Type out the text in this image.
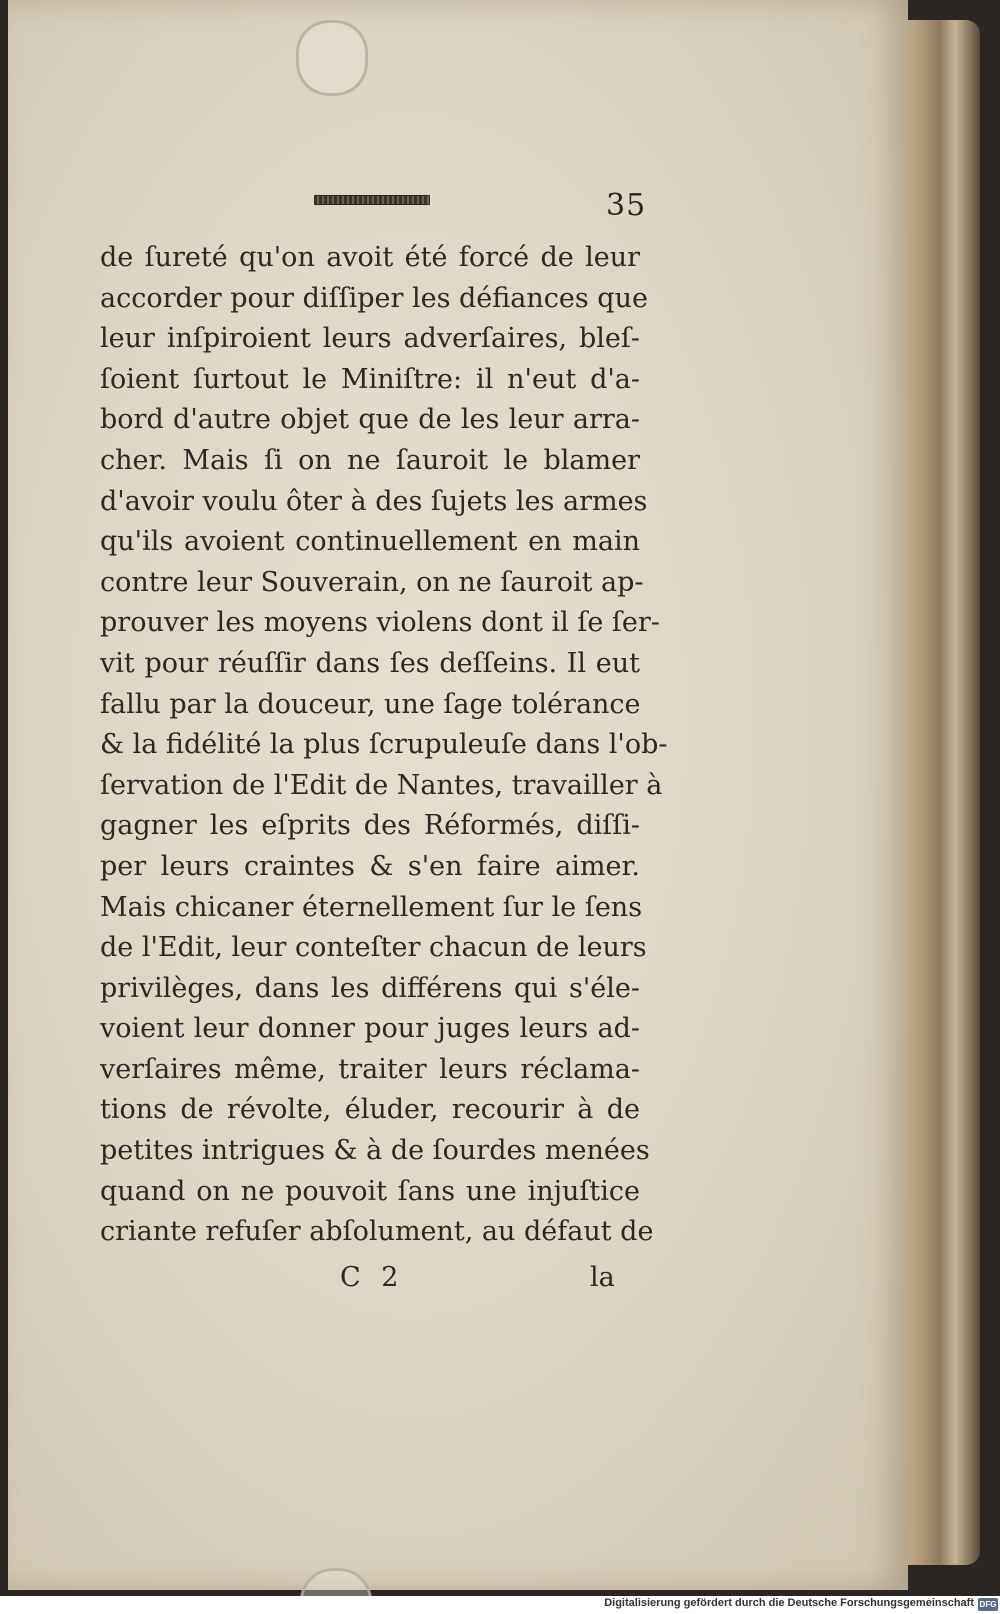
35
de ſureté qu'on avoit été forcé de leur
accorder pour diſſiper les défiances que
leur inſpiroient leurs adverſaires, bleſ-
ſoient ſurtout le Miniſtre: il n'eut d'a-
bord d'autre objet que de les leur arra-
cher. Mais ſi on ne ſauroit le blamer
d'avoir voulu ôter à des ſujets les armes
qu'ils avoient continuellement en main
contre leur Souverain, on ne ſauroit ap-
prouver les moyens violens dont il ſe ſer-
vit pour réuſſir dans ſes deſſeins. Il eut
fallu par la douceur, une ſage tolérance
& la fidélité la plus ſcrupuleuſe dans l'ob-
ſervation de l'Edit de Nantes, travailler à
gagner les eſprits des Réformés, diſſi-
per leurs craintes & s'en faire aimer.
Mais chicaner éternellement ſur le ſens
de l'Edit, leur conteſter chacun de leurs
privilèges, dans les différens qui s'éle-
voient leur donner pour juges leurs ad-
verſaires même, traiter leurs réclama-
tions de révolte, éluder, recourir à de
petites intrigues & à de ſourdes menées
quand on ne pouvoit ſans une injuſtice
criante refuſer abſolument, au défaut de
C 2	la
Digitalisierung gefördert durch die Deutsche Forschungsgemeinschaft DFG
